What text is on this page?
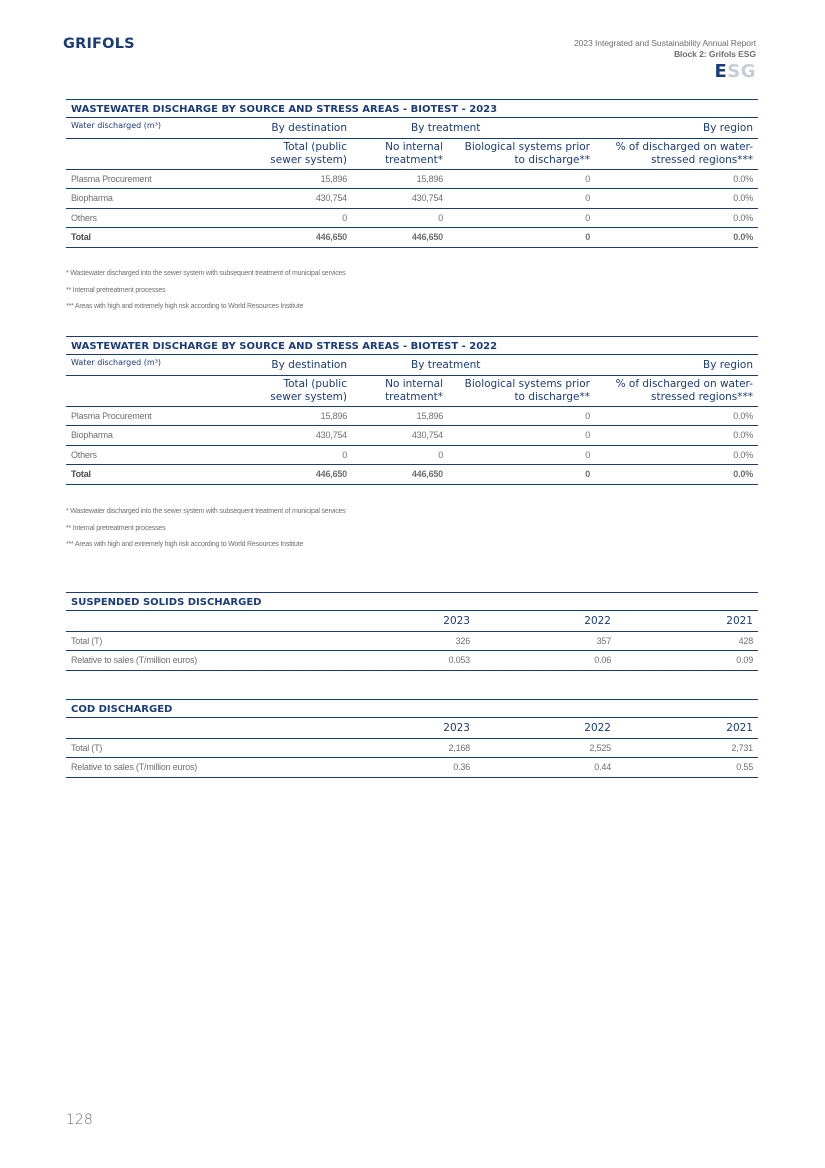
GRIFOLS	2023 Integrated and Sustainability Annual Report
Block 2: Grifols ESG
ESG
WASTEWATER DISCHARGE BY SOURCE AND STRESS AREAS - BIOTEST - 2023
Water discharged (m³)	By destination	By treatment		By region
	Total (public sewer system)	No internal treatment*	Biological systems prior to discharge**	% of discharged on water-stressed regions***
Plasma Procurement	15,896	15,896	0	0.0%
Biopharma	430,754	430,754	0	0.0%
Others	0	0	0	0.0%
Total	446,650	446,650	0	0.0%
* Wastewater discharged into the sewer system with subsequent treatment of municipal services
** Internal pretreatment processes
*** Areas with high and extremely high risk according to World Resources Institute
WASTEWATER DISCHARGE BY SOURCE AND STRESS AREAS - BIOTEST - 2022
Water discharged (m³)	By destination	By treatment		By region
	Total (public sewer system)	No internal treatment*	Biological systems prior to discharge**	% of discharged on water-stressed regions***
Plasma Procurement	15,896	15,896	0	0.0%
Biopharma	430,754	430,754	0	0.0%
Others	0	0	0	0.0%
Total	446,650	446,650	0	0.0%
* Wastewater discharged into the sewer system with subsequent treatment of municipal services
** Internal pretreatment processes
*** Areas with high and extremely high risk according to World Resources Institute
SUSPENDED SOLIDS DISCHARGED
	2023	2022	2021
Total (T)	326	357	428
Relative to sales (T/million euros)	0.053	0.06	0.09
COD DISCHARGED
	2023	2022	2021
Total (T)	2,168	2,525	2,731
Relative to sales (T/million euros)	0.36	0.44	0.55
128
